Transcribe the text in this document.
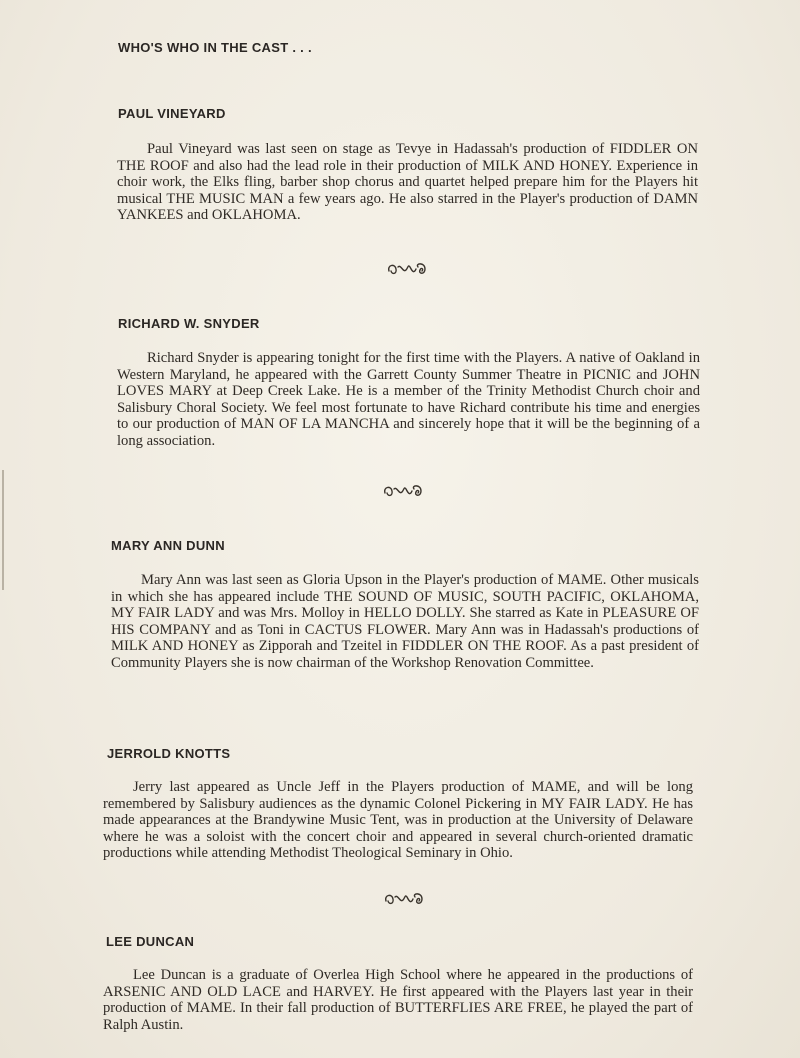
WHO'S WHO IN THE CAST . . .
PAUL VINEYARD

Paul Vineyard was last seen on stage as Tevye in Hadassah's production of FIDDLER ON THE ROOF and also had the lead role in their production of MILK AND HONEY. Experience in choir work, the Elks fling, barber shop chorus and quartet helped prepare him for the Players hit musical THE MUSIC MAN a few years ago. He also starred in the Player's production of DAMN YANKEES and OKLAHOMA.

RICHARD W. SNYDER

Richard Snyder is appearing tonight for the first time with the Players. A native of Oakland in Western Maryland, he appeared with the Garrett County Summer Theatre in PICNIC and JOHN LOVES MARY at Deep Creek Lake. He is a member of the Trinity Methodist Church choir and Salisbury Choral Society. We feel most fortunate to have Richard contribute his time and energies to our production of MAN OF LA MANCHA and sincerely hope that it will be the beginning of a long association.

MARY ANN DUNN

Mary Ann was last seen as Gloria Upson in the Player's production of MAME. Other musicals in which she has appeared include THE SOUND OF MUSIC, SOUTH PACIFIC, OKLAHOMA, MY FAIR LADY and was Mrs. Molloy in HELLO DOLLY. She starred as Kate in PLEASURE OF HIS COMPANY and as Toni in CACTUS FLOWER. Mary Ann was in Hadassah's productions of MILK AND HONEY as Zipporah and Tzeitel in FIDDLER ON THE ROOF. As a past president of Community Players she is now chairman of the Workshop Renovation Committee.

JERROLD KNOTTS

Jerry last appeared as Uncle Jeff in the Players production of MAME, and will be long remembered by Salisbury audiences as the dynamic Colonel Pickering in MY FAIR LADY. He has made appearances at the Brandywine Music Tent, was in production at the University of Delaware where he was a soloist with the concert choir and appeared in several church-oriented dramatic productions while attending Methodist Theological Seminary in Ohio.

LEE DUNCAN

Lee Duncan is a graduate of Overlea High School where he appeared in the productions of ARSENIC AND OLD LACE and HARVEY. He first appeared with the Players last year in their production of MAME. In their fall production of BUTTERFLIES ARE FREE, he played the part of Ralph Austin.
